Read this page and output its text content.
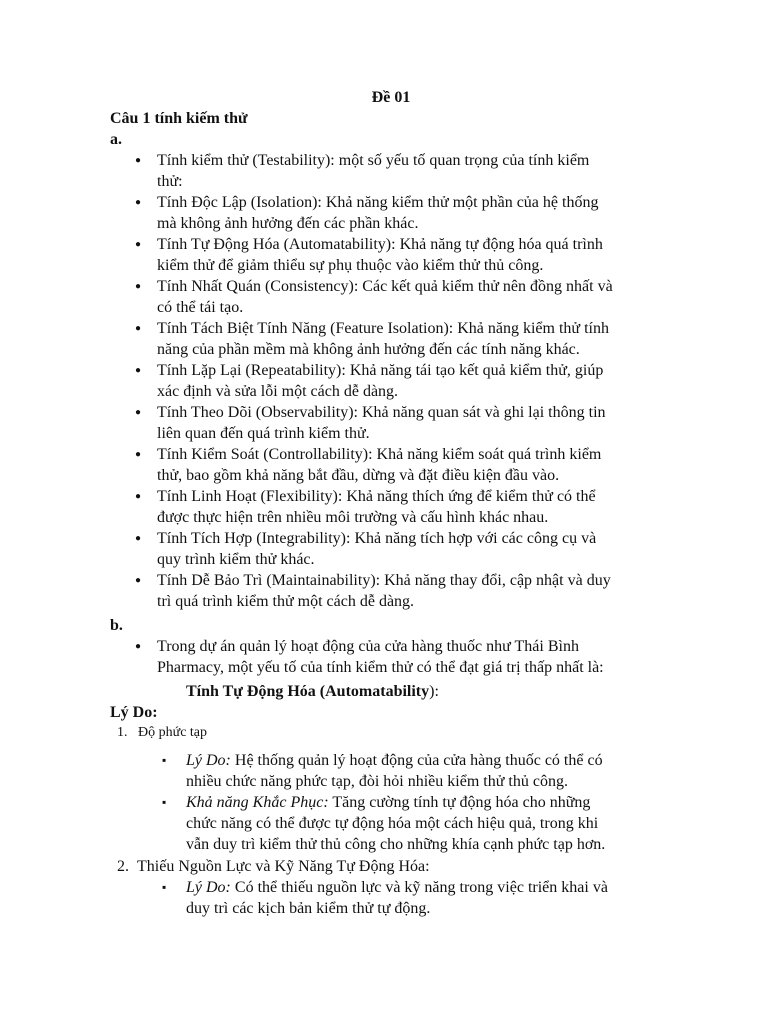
Đề 01

Câu 1 tính kiếm thử

a.

● Tính kiểm thử (Testability): một số yếu tố quan trọng của tính kiểm
thử:
● Tính Độc Lập (Isolation): Khả năng kiểm thử một phần của hệ thống
mà không ảnh hưởng đến các phần khác.
● Tính Tự Động Hóa (Automatability): Khả năng tự động hóa quá trình
kiểm thử để giảm thiểu sự phụ thuộc vào kiểm thử thủ công.
● Tính Nhất Quán (Consistency): Các kết quả kiểm thử nên đồng nhất và
có thể tái tạo.
● Tính Tách Biệt Tính Năng (Feature Isolation): Khả năng kiểm thử tính
năng của phần mềm mà không ảnh hưởng đến các tính năng khác.
● Tính Lặp Lại (Repeatability): Khả năng tái tạo kết quả kiểm thử, giúp
xác định và sửa lỗi một cách dễ dàng.
● Tính Theo Dõi (Observability): Khả năng quan sát và ghi lại thông tin
liên quan đến quá trình kiểm thử.
● Tính Kiểm Soát (Controllability): Khả năng kiểm soát quá trình kiểm
thử, bao gồm khả năng bắt đầu, dừng và đặt điều kiện đầu vào.
● Tính Linh Hoạt (Flexibility): Khả năng thích ứng để kiểm thử có thể
được thực hiện trên nhiều môi trường và cấu hình khác nhau.
● Tính Tích Hợp (Integrability): Khả năng tích hợp với các công cụ và
quy trình kiểm thử khác.
● Tính Dễ Bảo Trì (Maintainability): Khả năng thay đổi, cập nhật và duy
trì quá trình kiểm thử một cách dễ dàng.

b.

● Trong dự án quản lý hoạt động của cửa hàng thuốc như Thái Bình
Pharmacy, một yếu tố của tính kiểm thử có thể đạt giá trị thấp nhất là:

Tính Tự Động Hóa (Automatability):

Lý Do:

1. Độ phức tạp

▪ Lý Do: Hệ thống quản lý hoạt động của cửa hàng thuốc có thể có
nhiều chức năng phức tạp, đòi hỏi nhiều kiểm thử thủ công.
▪ Khả năng Khắc Phục: Tăng cường tính tự động hóa cho những
chức năng có thể được tự động hóa một cách hiệu quả, trong khi
vẫn duy trì kiểm thử thủ công cho những khía cạnh phức tạp hơn.

2. Thiếu Nguồn Lực và Kỹ Năng Tự Động Hóa:

▪ Lý Do: Có thể thiếu nguồn lực và kỹ năng trong việc triển khai và
duy trì các kịch bản kiểm thử tự động.
